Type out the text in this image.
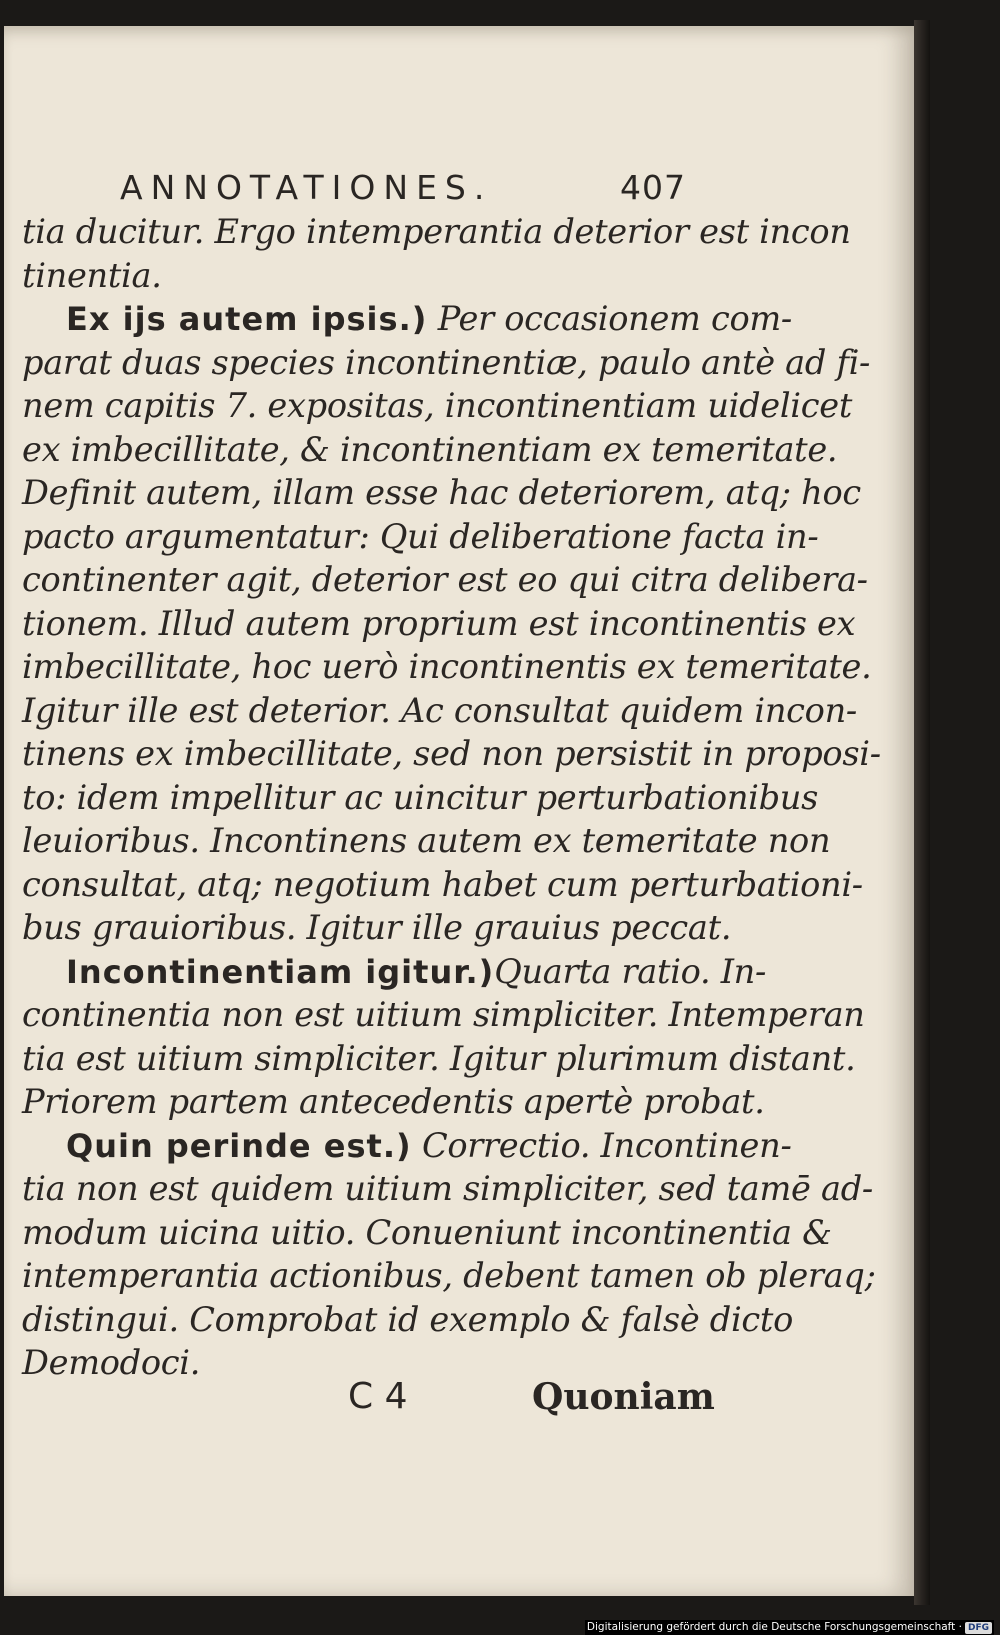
ANNOTATIONES.	407
tia ducitur. Ergo intemperantia deterior est incon
tinentia.
Ex ijs autem ipsis.) Per occasionem com-
parat duas species incontinentiæ, paulo antè ad fi-
nem capitis 7. expositas, incontinentiam uidelicet
ex imbecillitate, & incontinentiam ex temeritate.
Definit autem, illam esse hac deteriorem, atq; hoc
pacto argumentatur: Qui deliberatione facta in-
continenter agit, deterior est eo qui citra delibera-
tionem. Illud autem proprium est incontinentis ex
imbecillitate, hoc uerò incontinentis ex temeritate.
Igitur ille est deterior. Ac consultat quidem incon-
tinens ex imbecillitate, sed non persistit in proposi-
to: idem impellitur ac uincitur perturbationibus
leuioribus. Incontinens autem ex temeritate non
consultat, atq; negotium habet cum perturbationi-
bus grauioribus. Igitur ille grauius peccat.
Incontinentiam igitur.)Quarta ratio. In-
continentia non est uitium simpliciter. Intemperan
tia est uitium simpliciter. Igitur plurimum distant.
Priorem partem antecedentis apertè probat.
Quin perinde est.) Correctio. Incontinen-
tia non est quidem uitium simpliciter, sed tamē ad-
modum uicina uitio. Conueniunt incontinentia &
intemperantia actionibus, debent tamen ob pleraq;
distingui. Comprobat id exemplo & falsè dicto
Demodoci.
C 4	Quoniam
Digitalisierung gefördert durch die Deutsche Forschungsgemeinschaft · DFG
